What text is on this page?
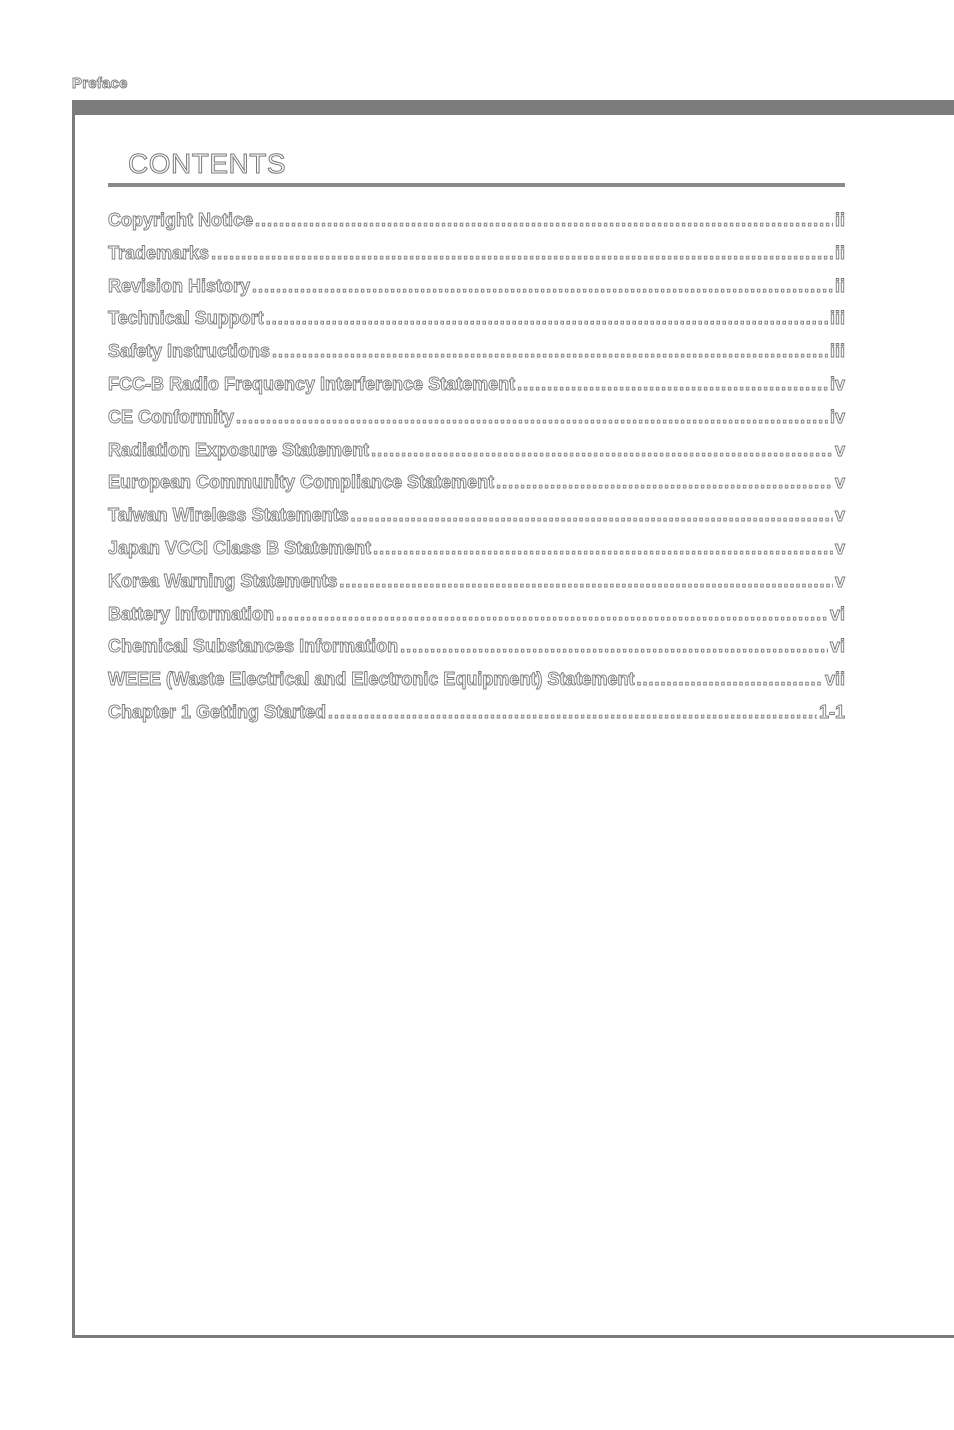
Preface
CONTENTS
Copyright Notice .....	ii
Trademarks .....	ii
Revision History .....	ii
Technical Support .....	iii
Safety Instructions .....	iii
FCC-B Radio Frequency Interference Statement .....	iv
CE Conformity .....	iv
Radiation Exposure Statement .....	v
European Community Compliance Statement .....	v
Taiwan Wireless Statements .....	v
Japan VCCI Class B Statement .....	v
Korea Warning Statements .....	v
Battery Information .....	vi
Chemical Substances Information .....	vi
WEEE (Waste Electrical and Electronic Equipment) Statement .....	vii
Chapter 1 Getting Started .....	1-1
